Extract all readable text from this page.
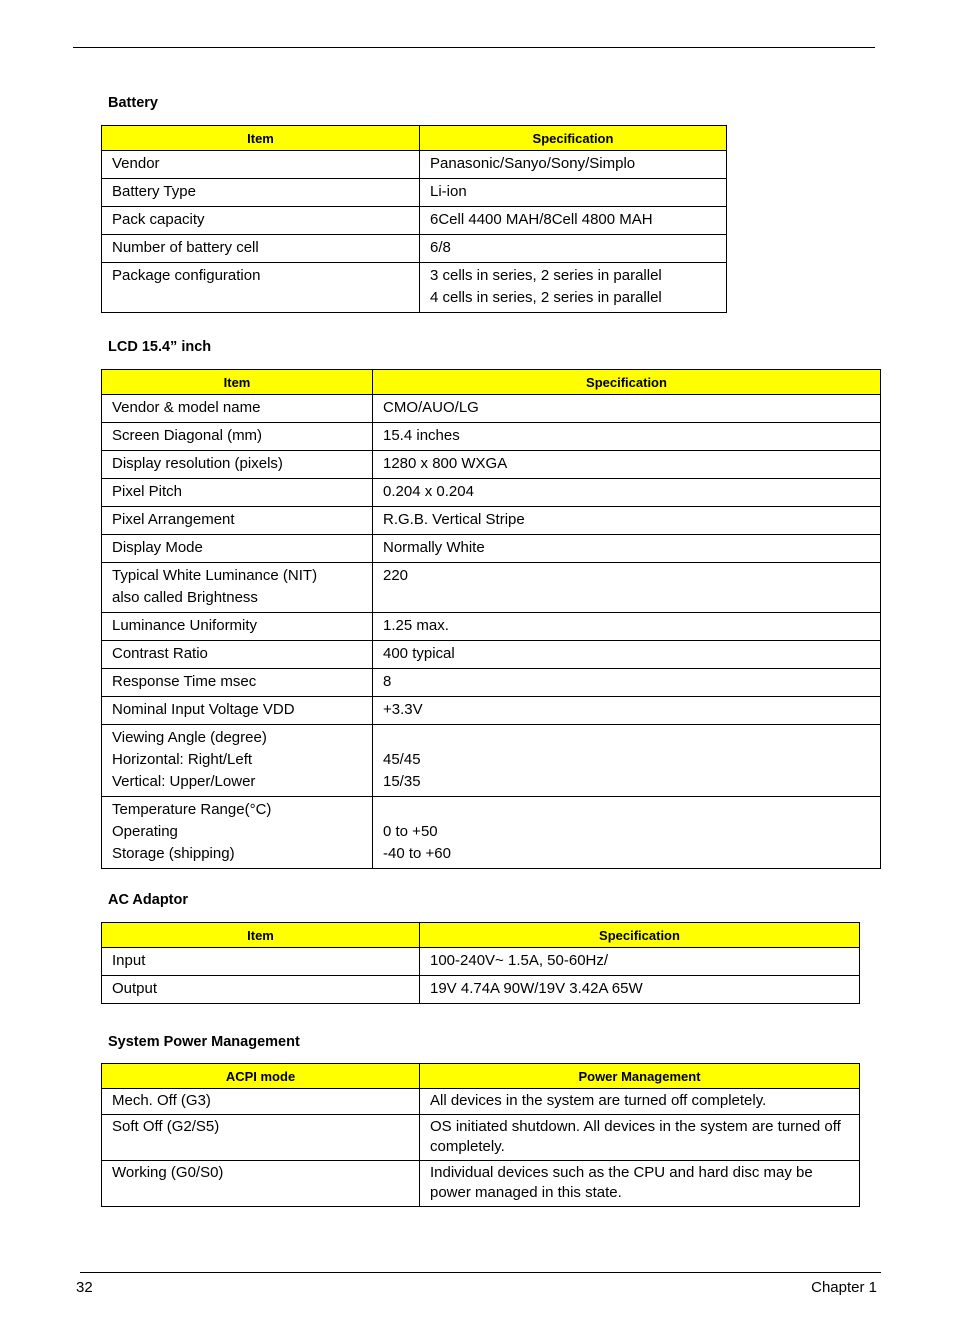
Battery
Item	Specification

Vendor	Panasonic/Sanyo/Sony/Simplo

Battery Type	Li-ion

Pack capacity	6Cell 4400 MAH/8Cell 4800 MAH

Number of battery cell	6/8

Package configuration	3 cells in series, 2 series in parallel
4 cells in series, 2 series in parallel
LCD 15.4” inch
Item	Specification

Vendor & model name	CMO/AUO/LG

Screen Diagonal (mm)	15.4 inches

Display resolution (pixels)	1280 x 800 WXGA

Pixel Pitch	0.204 x 0.204

Pixel Arrangement	R.G.B. Vertical Stripe

Display Mode	Normally White

Typical White Luminance (NIT)
also called Brightness	220

Luminance Uniformity	1.25 max.

Contrast Ratio	400 typical

Response Time msec	8

Nominal Input Voltage VDD	+3.3V

Viewing Angle (degree)
Horizontal: Right/Left
Vertical: Upper/Lower	45/45
15/35

Temperature Range(°C)
Operating
Storage (shipping)	0 to +50
-40 to +60
AC Adaptor
Item	Specification

Input	100-240V~ 1.5A, 50-60Hz/

Output	19V 4.74A 90W/19V 3.42A 65W
System Power Management
ACPI mode	Power Management

Mech. Off (G3)	All devices in the system are turned off completely.

Soft Off (G2/S5)	OS initiated shutdown. All devices in the system are turned off completely.

Working (G0/S0)	Individual devices such as the CPU and hard disc may be power managed in this state.
32	Chapter 1
